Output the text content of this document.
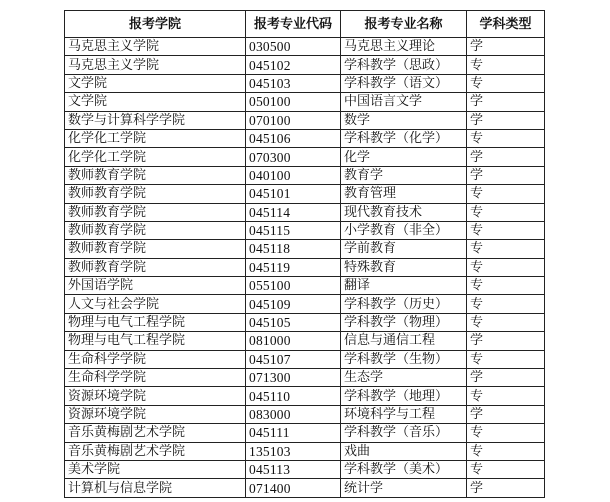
报考学院	报考专业代码	报考专业名称	学科类型
马克思主义学院	030500	马克思主义理论	学
马克思主义学院	045102	学科教学（思政）	专
文学院	045103	学科教学（语文）	专
文学院	050100	中国语言文学	学
数学与计算科学学院	070100	数学	学
化学化工学院	045106	学科教学（化学）	专
化学化工学院	070300	化学	学
教师教育学院	040100	教育学	学
教师教育学院	045101	教育管理	专
教师教育学院	045114	现代教育技术	专
教师教育学院	045115	小学教育（非全）	专
教师教育学院	045118	学前教育	专
教师教育学院	045119	特殊教育	专
外国语学院	055100	翻译	专
人文与社会学院	045109	学科教学（历史）	专
物理与电气工程学院	045105	学科教学（物理）	专
物理与电气工程学院	081000	信息与通信工程	学
生命科学学院	045107	学科教学（生物）	专
生命科学学院	071300	生态学	学
资源环境学院	045110	学科教学（地理）	专
资源环境学院	083000	环境科学与工程	学
音乐黄梅剧艺术学院	045111	学科教学（音乐）	专
音乐黄梅剧艺术学院	135103	戏曲	专
美术学院	045113	学科教学（美术）	专
计算机与信息学院	071400	统计学	学
